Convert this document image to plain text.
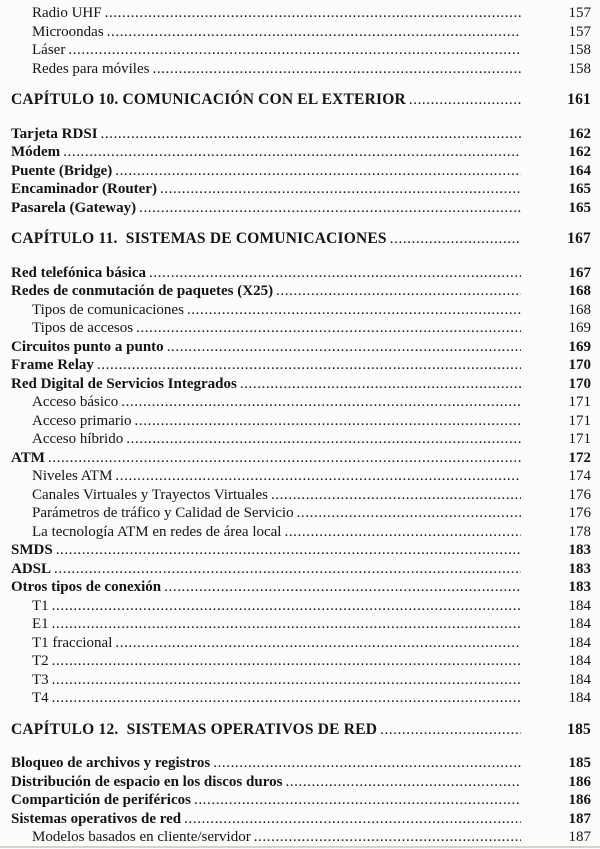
Radio UHF .....	157
Microondas .....	157
Láser .....	158
Redes para móviles .....	158
CAPÍTULO 10. COMUNICACIÓN CON EL EXTERIOR .....	161
Tarjeta RDSI .....	162
Módem .....	162
Puente (Bridge) .....	164
Encaminador (Router) .....	165
Pasarela (Gateway) .....	165
CAPÍTULO 11.  SISTEMAS DE COMUNICACIONES .....	167
Red telefónica básica .....	167
Redes de conmutación de paquetes (X25) .....	168
Tipos de comunicaciones .....	168
Tipos de accesos .....	169
Circuitos punto a punto .....	169
Frame Relay .....	170
Red Digital de Servicios Integrados .....	170
Acceso básico .....	171
Acceso primario .....	171
Acceso híbrido .....	171
ATM .....	172
Niveles ATM .....	174
Canales Virtuales y Trayectos Virtuales .....	176
Parámetros de tráfico y Calidad de Servicio .....	176
La tecnología ATM en redes de área local .....	178
SMDS .....	183
ADSL .....	183
Otros tipos de conexión .....	183
T1 .....	184
E1 .....	184
T1 fraccional .....	184
T2 .....	184
T3 .....	184
T4 .....	184
CAPÍTULO 12.  SISTEMAS OPERATIVOS DE RED .....	185
Bloqueo de archivos y registros .....	185
Distribución de espacio en los discos duros .....	186
Compartición de periféricos .....	186
Sistemas operativos de red .....	187
Modelos basados en cliente/servidor .....	187
